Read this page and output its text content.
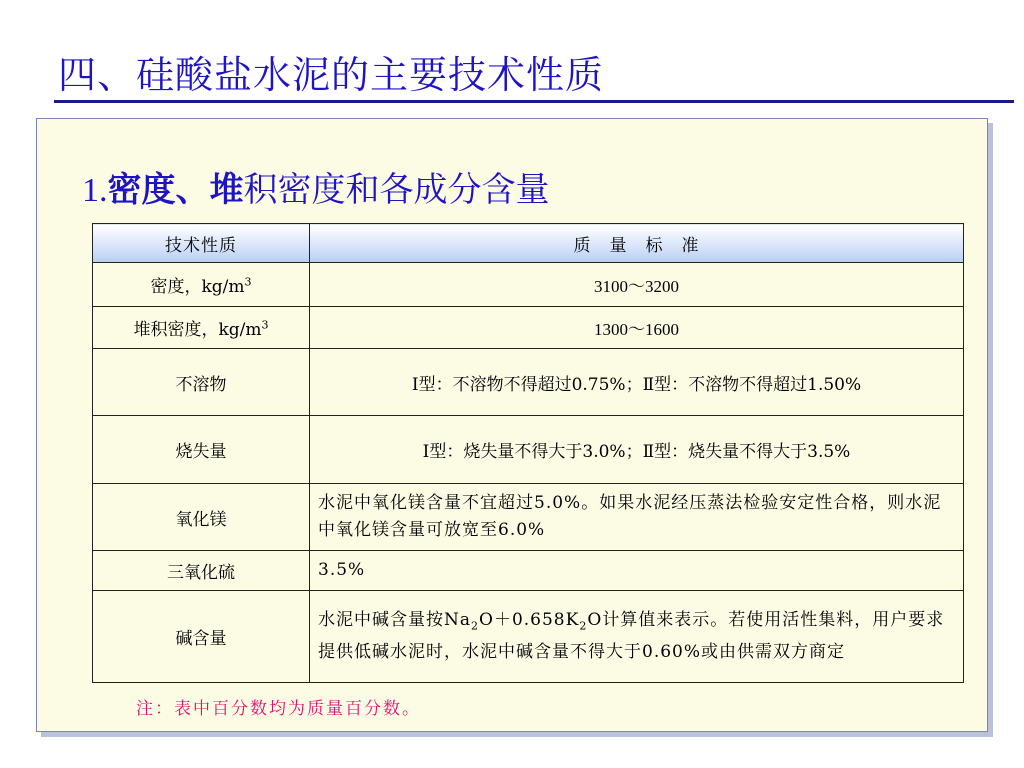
四、硅酸盐水泥的主要技术性质
1.密度、堆积密度和各成分含量
技术性质	质　量　标　准
密度，$kg/m^3$	3100～3200
堆积密度，$kg/m^3$	1300～1600
不溶物	Ⅰ型：不溶物不得超过0.75%；Ⅱ型：不溶物不得超过1.50%
烧失量	Ⅰ型：烧失量不得大于3.0%；Ⅱ型：烧失量不得大于3.5%
氧化镁	水泥中氧化镁含量不宜超过5.0%。如果水泥经压蒸法检验安定性合格，则水泥中氧化镁含量可放宽至6.0%
三氧化硫	3.5%
碱含量	水泥中碱含量按$Na_2O+0.658K_2O$计算值来表示。若使用活性集料，用户要求提供低碱水泥时，水泥中碱含量不得大于0.60%或由供需双方商定
注：表中百分数均为质量百分数。
